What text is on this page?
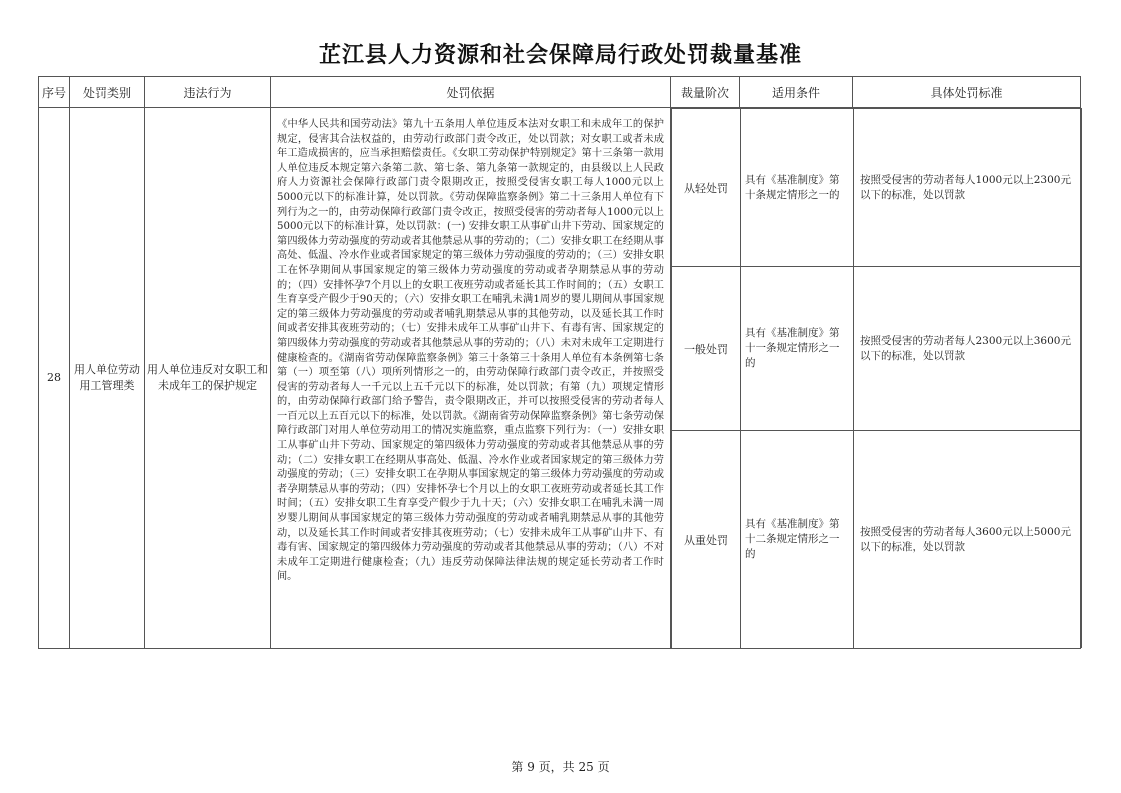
芷江县人力资源和社会保障局行政处罚裁量基准
序号	处罚类别	违法行为	处罚依据	裁量阶次	适用条件	具体处罚标准
28	用人单位劳动用工管理类	用人单位违反对女职工和未成年工的保护规定	
《中华人民共和国劳动法》第九十五条用人单位违反本法对女职工和未成年工的保护规定，侵害其合法权益的，由劳动行政部门责令改正，处以罚款；对女职工或者未成年工造成损害的，应当承担赔偿责任。《女职工劳动保护特别规定》第十三条第一款用人单位违反本规定第六条第二款、第七条、第九条第一款规定的，由县级以上人民政府人力资源社会保障行政部门责令限期改正，按照受侵害女职工每人1000元以上5000元以下的标准计算，处以罚款。《劳动保障监察条例》第二十三条用人单位有下列行为之一的，由劳动保障行政部门责令改正，按照受侵害的劳动者每人1000元以上5000元以下的标准计算，处以罚款：(一) 安排女职工从事矿山井下劳动、国家规定的第四级体力劳动强度的劳动或者其他禁忌从事的劳动的；（二）安排女职工在经期从事高处、低温、冷水作业或者国家规定的第三级体力劳动强度的劳动的；（三）安排女职工在怀孕期间从事国家规定的第三级体力劳动强度的劳动或者孕期禁忌从事的劳动的；（四）安排怀孕7个月以上的女职工夜班劳动或者延长其工作时间的；（五）女职工生育享受产假少于90天的；（六）安排女职工在哺乳未满1周岁的婴儿期间从事国家规定的第三级体力劳动强度的劳动或者哺乳期禁忌从事的其他劳动，以及延长其工作时间或者安排其夜班劳动的；（七）安排未成年工从事矿山井下、有毒有害、国家规定的第四级体力劳动强度的劳动或者其他禁忌从事的劳动的；（八）未对未成年工定期进行健康检查的。《湖南省劳动保障监察条例》第三十条第三十条用人单位有本条例第七条第（一）项至第（八）项所列情形之一的，由劳动保障行政部门责令改正，并按照受侵害的劳动者每人一千元以上五千元以下的标准，处以罚款；有第（九）项规定情形的，由劳动保障行政部门给予警告，责令限期改正，并可以按照受侵害的劳动者每人一百元以上五百元以下的标准，处以罚款。《湖南省劳动保障监察条例》第七条劳动保障行政部门对用人单位劳动用工的情况实施监察，重点监察下列行为：（一）安排女职工从事矿山井下劳动、国家规定的第四级体力劳动强度的劳动或者其他禁忌从事的劳动；（二）安排女职工在经期从事高处、低温、冷水作业或者国家规定的第三级体力劳动强度的劳动；（三）安排女职工在孕期从事国家规定的第三级体力劳动强度的劳动或者孕期禁忌从事的劳动；（四）安排怀孕七个月以上的女职工夜班劳动或者延长其工作时间；（五）安排女职工生育享受产假少于九十天；（六）安排女职工在哺乳未满一周岁婴儿期间从事国家规定的第三级体力劳动强度的劳动或者哺乳期禁忌从事的其他劳动，以及延长其工作时间或者安排其夜班劳动；（七）安排未成年工从事矿山井下、有毒有害、国家规定的第四级体力劳动强度的劳动或者其他禁忌从事的劳动；（八）不对未成年工定期进行健康检查；（九）违反劳动保障法律法规的规定延长劳动者工作时间。

从轻处罚	具有《基准制度》第十条规定情形之一的	按照受侵害的劳动者每人1000元以上2300元以下的标准，处以罚款
一般处罚	具有《基准制度》第十一条规定情形之一的	按照受侵害的劳动者每人2300元以上3600元以下的标准，处以罚款
从重处罚	具有《基准制度》第十二条规定情形之一的	按照受侵害的劳动者每人3600元以上5000元以下的标准，处以罚款
第 9 页，共 25 页
